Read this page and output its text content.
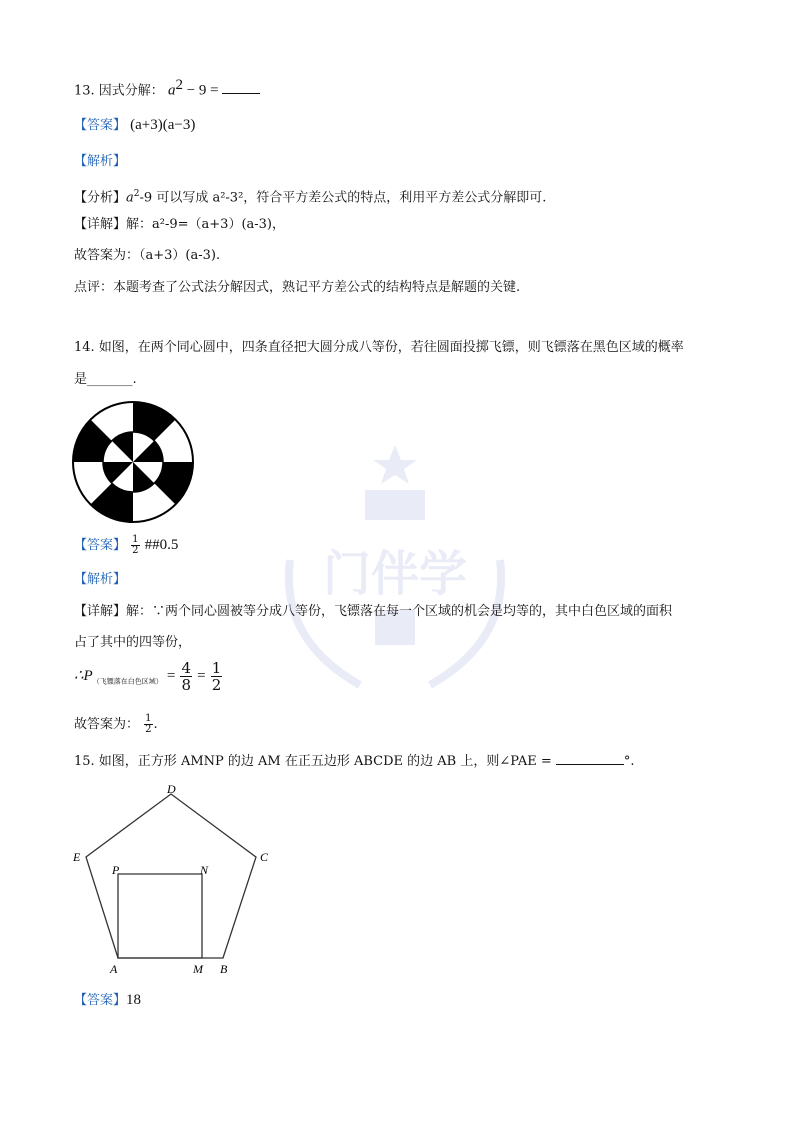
门伴学
13. 因式分解： $a^2 - 9$ =
【答案】 (a+3)(a−3)
【解析】
【分析】$a^2-9$ 可以写成 a²-3²，符合平方差公式的特点，利用平方差公式分解即可.
【详解】解：a²-9=（a+3）(a-3)，
故答案为：（a+3）(a-3).
点评：本题考查了公式法分解因式，熟记平方差公式的结构特点是解题的关键.
14. 如图，在两个同心圆中，四条直径把大圆分成八等份，若往圆面投掷飞镖，则飞镖落在黑色区域的概率
是_______.
【答案】 $\frac{1}{2}$ ##0.5
【解析】
【详解】解：∵两个同心圆被等分成八等份，飞镖落在每一个区域的机会是均等的，其中白色区域的面积
占了其中的四等份，
$\therefore P_{(飞镖落在白色区域)} = \frac{4}{8} = \frac{1}{2}$
故答案为： $\frac{1}{2}$ .
15. 如图，正方形 AMNP 的边 AM 在正五边形 ABCDE 的边 AB 上，则∠PAE =	°.
D
E	C
P	N
A	M B
【答案】18
